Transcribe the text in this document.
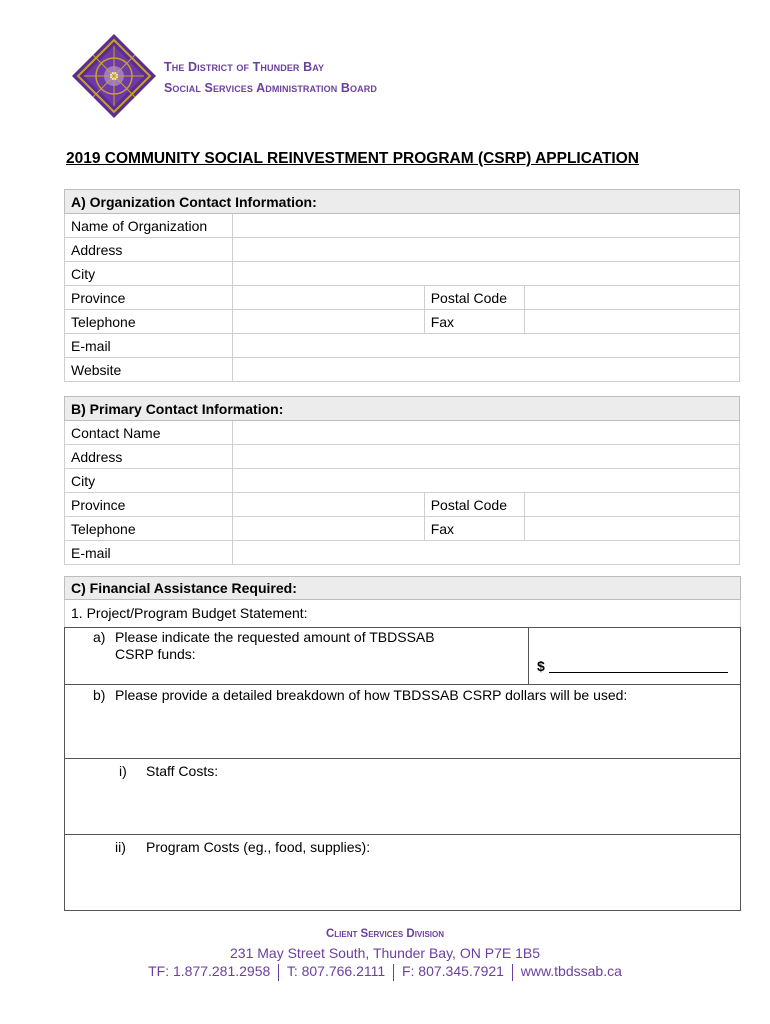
The District of Thunder Bay
Social Services Administration Board
2019 COMMUNITY SOCIAL REINVESTMENT PROGRAM (CSRP) APPLICATION
A) Organization Contact Information:			
Name of Organization			
Address			
City			
Province		Postal Code	
Telephone		Fax	
E-mail			
Website			
B) Primary Contact Information:			
Contact Name			
Address			
City			
Province		Postal Code	
Telephone		Fax	
E-mail			
C) Financial Assistance Required:
1. Project/Program Budget Statement:
a) Please indicate the requested amount of TBDSSAB
CSRP funds:
$
b) Please provide a detailed breakdown of how TBDSSAB CSRP dollars will be used:
i) Staff Costs:
ii) Program Costs (eg., food, supplies):
Client Services Division
231 May Street South, Thunder Bay, ON P7E 1B5
TF: 1.877.281.2958 T: 807.766.2111 F: 807.345.7921 www.tbdssab.ca
